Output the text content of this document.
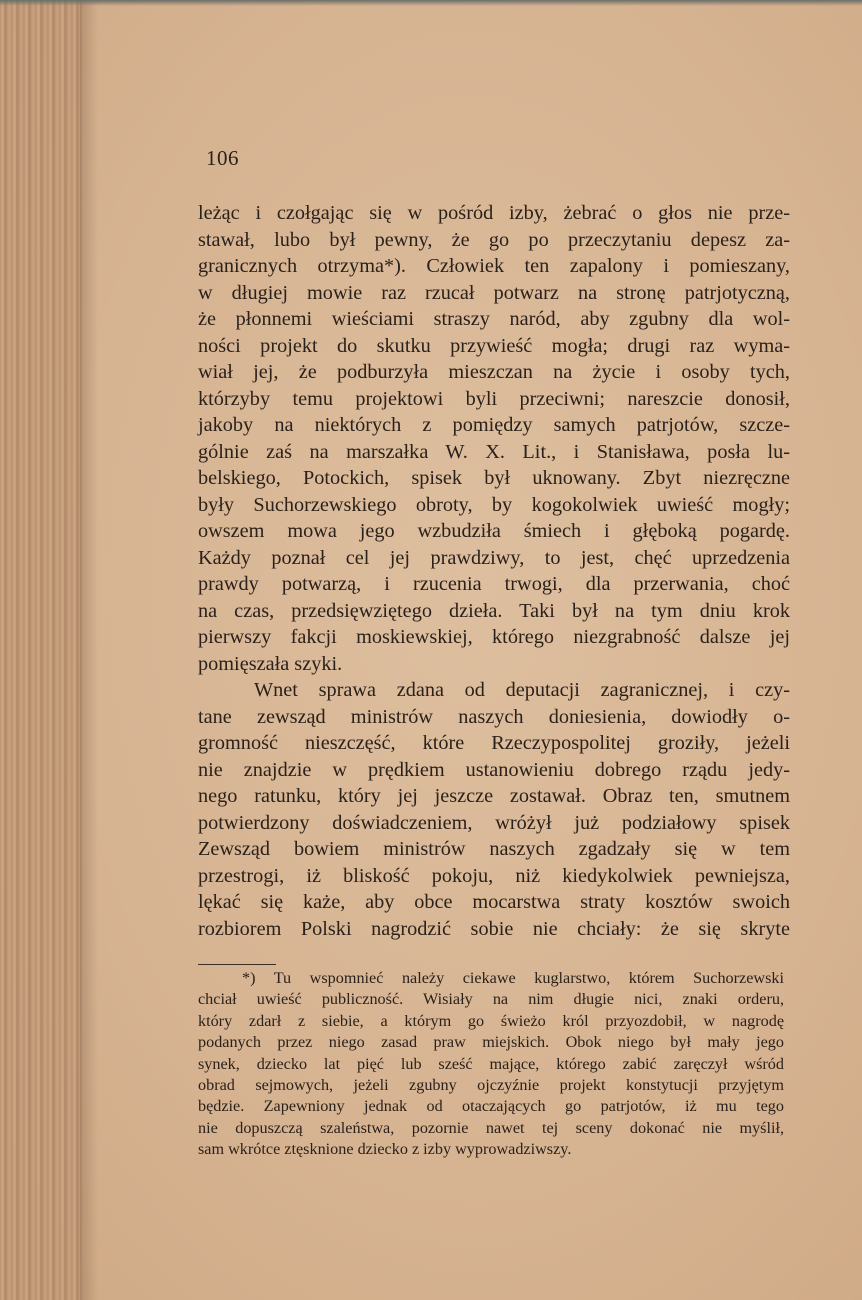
106
leżąc i czołgając się w pośród izby, żebrać o głos nie prze-
stawał, lubo był pewny, że go po przeczytaniu depesz za-
granicznych otrzyma*). Człowiek ten zapalony i pomieszany,
w długiej mowie raz rzucał potwarz na stronę patrjotyczną,
że płonnemi wieściami straszy naród, aby zgubny dla wol-
ności projekt do skutku przywieść mogła; drugi raz wyma-
wiał jej, że podburzyła mieszczan na życie i osoby tych,
którzyby temu projektowi byli przeciwni; nareszcie donosił,
jakoby na niektórych z pomiędzy samych patrjotów, szcze-
gólnie zaś na marszałka W. X. Lit., i Stanisława, posła lu-
belskiego, Potockich, spisek był uknowany. Zbyt niezręczne
były Suchorzewskiego obroty, by kogokolwiek uwieść mogły;
owszem mowa jego wzbudziła śmiech i głęboką pogardę.
Każdy poznał cel jej prawdziwy, to jest, chęć uprzedzenia
prawdy potwarzą, i rzucenia trwogi, dla przerwania, choć
na czas, przedsięwziętego dzieła. Taki był na tym dniu krok
pierwszy fakcji moskiewskiej, którego niezgrabność dalsze jej
pomięszała szyki.
Wnet sprawa zdana od deputacji zagranicznej, i czy-
tane zewsząd ministrów naszych doniesienia, dowiodły o-
gromność nieszczęść, które Rzeczypospolitej groziły, jeżeli
nie znajdzie w prędkiem ustanowieniu dobrego rządu jedy-
nego ratunku, który jej jeszcze zostawał. Obraz ten, smutnem
potwierdzony doświadczeniem, wróżył już podziałowy spisek
Zewsząd bowiem ministrów naszych zgadzały się w tem
przestrogi, iż bliskość pokoju, niż kiedykolwiek pewniejsza,
lękać się każe, aby obce mocarstwa straty kosztów swoich
rozbiorem Polski nagrodzić sobie nie chciały: że się skryte
*) Tu wspomnieć należy ciekawe kuglarstwo, którem Suchorzewski
chciał uwieść publiczność. Wisiały na nim długie nici, znaki orderu,
który zdarł z siebie, a którym go świeżo król przyozdobił, w nagrodę
podanych przez niego zasad praw miejskich. Obok niego był mały jego
synek, dziecko lat pięć lub sześć mające, którego zabić zaręczył wśród
obrad sejmowych, jeżeli zgubny ojczyźnie projekt konstytucji przyjętym
będzie. Zapewniony jednak od otaczających go patrjotów, iż mu tego
nie dopuszczą szaleństwa, pozornie nawet tej sceny dokonać nie myślił,
sam wkrótce ztęsknione dziecko z izby wyprowadziwszy.
